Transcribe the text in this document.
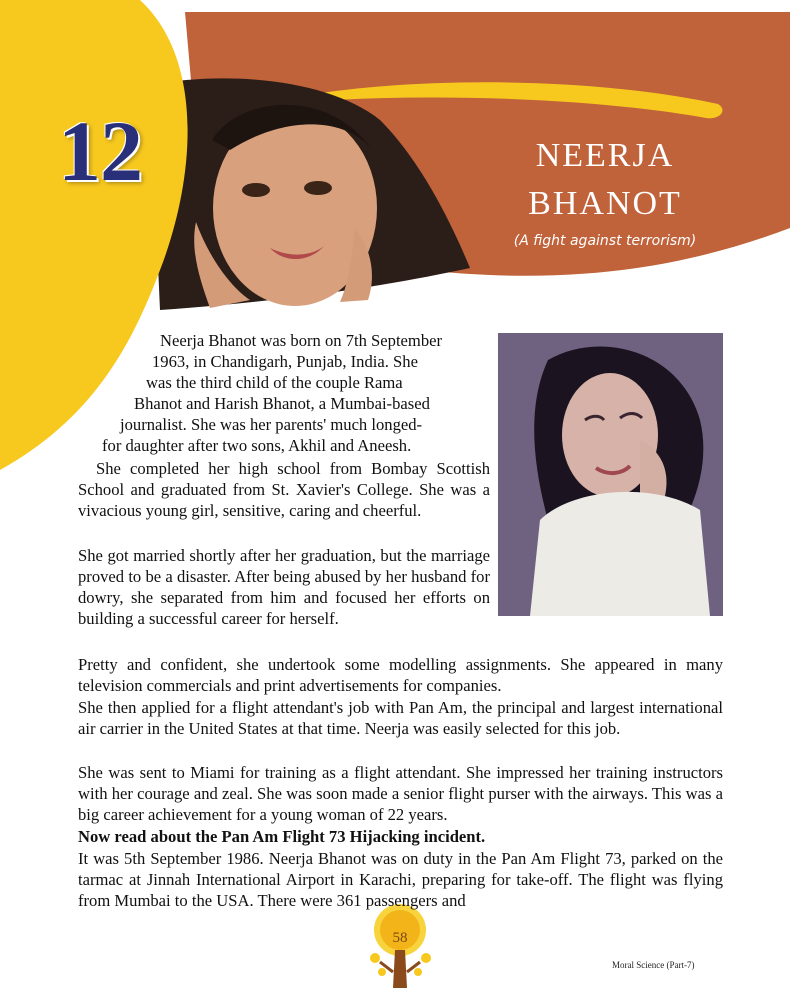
12	NEERJA
BHANOT
(A fight against terrorism)
Neerja Bhanot was born on 7th September
1963, in Chandigarh, Punjab, India. She
was the third child of the couple Rama
Bhanot and Harish Bhanot, a Mumbai-based
journalist. She was her parents' much longed-
for daughter after two sons, Akhil and Aneesh.

She completed her high school from Bombay Scottish School and graduated from St. Xavier's College. She was a vivacious young girl, sensitive, caring and cheerful.

She got married shortly after her graduation, but the marriage proved to be a disaster. After being abused by her husband for dowry, she separated from him and focused her efforts on building a successful career for herself.

Pretty and confident, she undertook some modelling assignments. She appeared in many television commercials and print advertisements for companies.

She then applied for a flight attendant's job with Pan Am, the principal and largest international air carrier in the United States at that time. Neerja was easily selected for this job.

She was sent to Miami for training as a flight attendant. She impressed her training instructors with her courage and zeal. She was soon made a senior flight purser with the airways. This was a big career achievement for a young woman of 22 years.

Now read about the Pan Am Flight 73 Hijacking incident.

It was 5th September 1986. Neerja Bhanot was on duty in the Pan Am Flight 73, parked on the tarmac at Jinnah International Airport in Karachi, preparing for take-off. The flight was flying from Mumbai to the USA. There were 361 passengers and

58
Moral Science (Part-7)
